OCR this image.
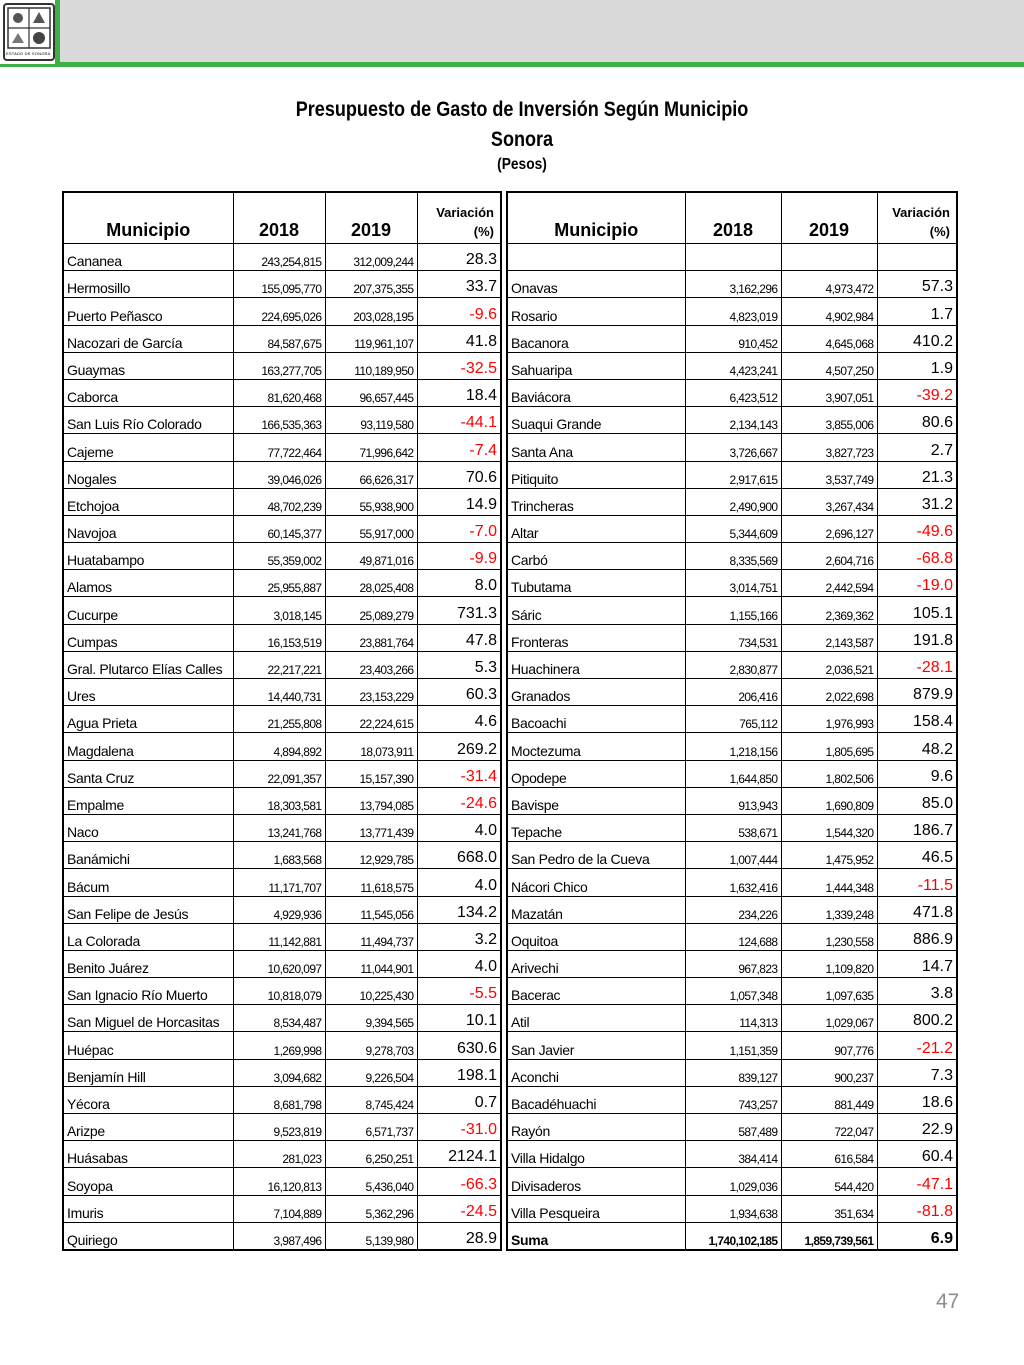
ESTADO DE SONORA
Presupuesto de Gasto de Inversión Según Municipio
Sonora
(Pesos)
Municipio	2018	2019	Variación
(%)
Cananea	243,254,815	312,009,244	28.3
Hermosillo	155,095,770	207,375,355	33.7
Puerto Peñasco	224,695,026	203,028,195	-9.6
Nacozari de García	84,587,675	119,961,107	41.8
Guaymas	163,277,705	110,189,950	-32.5
Caborca	81,620,468	96,657,445	18.4
San Luis Río Colorado	166,535,363	93,119,580	-44.1
Cajeme	77,722,464	71,996,642	-7.4
Nogales	39,046,026	66,626,317	70.6
Etchojoa	48,702,239	55,938,900	14.9
Navojoa	60,145,377	55,917,000	-7.0
Huatabampo	55,359,002	49,871,016	-9.9
Alamos	25,955,887	28,025,408	8.0
Cucurpe	3,018,145	25,089,279	731.3
Cumpas	16,153,519	23,881,764	47.8
Gral. Plutarco Elías Calles	22,217,221	23,403,266	5.3
Ures	14,440,731	23,153,229	60.3
Agua Prieta	21,255,808	22,224,615	4.6
Magdalena	4,894,892	18,073,911	269.2
Santa Cruz	22,091,357	15,157,390	-31.4
Empalme	18,303,581	13,794,085	-24.6
Naco	13,241,768	13,771,439	4.0
Banámichi	1,683,568	12,929,785	668.0
Bácum	11,171,707	11,618,575	4.0
San Felipe de Jesús	4,929,936	11,545,056	134.2
La Colorada	11,142,881	11,494,737	3.2
Benito Juárez	10,620,097	11,044,901	4.0
San Ignacio Río Muerto	10,818,079	10,225,430	-5.5
San Miguel de Horcasitas	8,534,487	9,394,565	10.1
Huépac	1,269,998	9,278,703	630.6
Benjamín Hill	3,094,682	9,226,504	198.1
Yécora	8,681,798	8,745,424	0.7
Arizpe	9,523,819	6,571,737	-31.0
Huásabas	281,023	6,250,251	2124.1
Soyopa	16,120,813	5,436,040	-66.3
Imuris	7,104,889	5,362,296	-24.5
Quiriego	3,987,496	5,139,980	28.9
Municipio	2018	2019	Variación
(%)

Onavas	3,162,296	4,973,472	57.3
Rosario	4,823,019	4,902,984	1.7
Bacanora	910,452	4,645,068	410.2
Sahuaripa	4,423,241	4,507,250	1.9
Baviácora	6,423,512	3,907,051	-39.2
Suaqui Grande	2,134,143	3,855,006	80.6
Santa Ana	3,726,667	3,827,723	2.7
Pitiquito	2,917,615	3,537,749	21.3
Trincheras	2,490,900	3,267,434	31.2
Altar	5,344,609	2,696,127	-49.6
Carbó	8,335,569	2,604,716	-68.8
Tubutama	3,014,751	2,442,594	-19.0
Sáric	1,155,166	2,369,362	105.1
Fronteras	734,531	2,143,587	191.8
Huachinera	2,830,877	2,036,521	-28.1
Granados	206,416	2,022,698	879.9
Bacoachi	765,112	1,976,993	158.4
Moctezuma	1,218,156	1,805,695	48.2
Opodepe	1,644,850	1,802,506	9.6
Bavispe	913,943	1,690,809	85.0
Tepache	538,671	1,544,320	186.7
San Pedro de la Cueva	1,007,444	1,475,952	46.5
Nácori Chico	1,632,416	1,444,348	-11.5
Mazatán	234,226	1,339,248	471.8
Oquitoa	124,688	1,230,558	886.9
Arivechi	967,823	1,109,820	14.7
Bacerac	1,057,348	1,097,635	3.8
Atil	114,313	1,029,067	800.2
San Javier	1,151,359	907,776	-21.2
Aconchi	839,127	900,237	7.3
Bacadéhuachi	743,257	881,449	18.6
Rayón	587,489	722,047	22.9
Villa Hidalgo	384,414	616,584	60.4
Divisaderos	1,029,036	544,420	-47.1
Villa Pesqueira	1,934,638	351,634	-81.8
Suma	1,740,102,185	1,859,739,561	6.9
47
